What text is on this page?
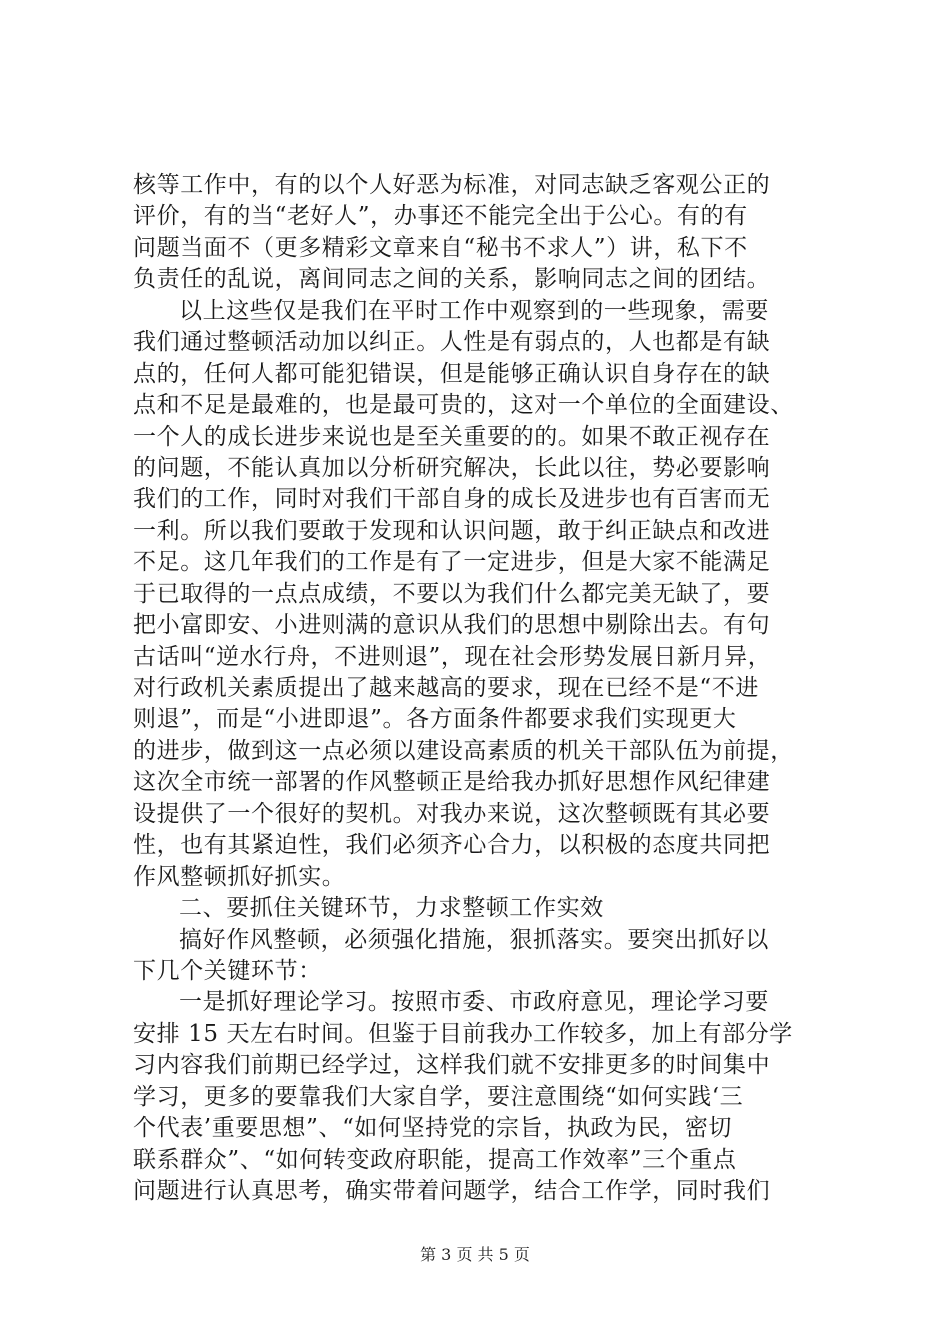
核等工作中，有的以个人好恶为标准，对同志缺乏客观公正的
评价，有的当“老好人”，办事还不能完全出于公心。有的有
问题当面不（更多精彩文章来自“秘书不求人”）讲，私下不
负责任的乱说，离间同志之间的关系，影响同志之间的团结。
以上这些仅是我们在平时工作中观察到的一些现象，需要
我们通过整顿活动加以纠正。人性是有弱点的，人也都是有缺
点的，任何人都可能犯错误，但是能够正确认识自身存在的缺
点和不足是最难的，也是最可贵的，这对一个单位的全面建设、
一个人的成长进步来说也是至关重要的的。如果不敢正视存在
的问题，不能认真加以分析研究解决，长此以往，势必要影响
我们的工作，同时对我们干部自身的成长及进步也有百害而无
一利。所以我们要敢于发现和认识问题，敢于纠正缺点和改进
不足。这几年我们的工作是有了一定进步，但是大家不能满足
于已取得的一点点成绩，不要以为我们什么都完美无缺了，要
把小富即安、小进则满的意识从我们的思想中剔除出去。有句
古话叫“逆水行舟，不进则退”，现在社会形势发展日新月异，
对行政机关素质提出了越来越高的要求，现在已经不是“不进
则退”，而是“小进即退”。各方面条件都要求我们实现更大
的进步，做到这一点必须以建设高素质的机关干部队伍为前提，
这次全市统一部署的作风整顿正是给我办抓好思想作风纪律建
设提供了一个很好的契机。对我办来说，这次整顿既有其必要
性，也有其紧迫性，我们必须齐心合力，以积极的态度共同把
作风整顿抓好抓实。
二、要抓住关键环节，力求整顿工作实效
搞好作风整顿，必须强化措施，狠抓落实。要突出抓好以
下几个关键环节：
一是抓好理论学习。按照市委、市政府意见，理论学习要
安排 15 天左右时间。但鉴于目前我办工作较多，加上有部分学
习内容我们前期已经学过，这样我们就不安排更多的时间集中
学习，更多的要靠我们大家自学，要注意围绕“如何实践‘三
个代表’重要思想”、“如何坚持党的宗旨，执政为民，密切
联系群众”、“如何转变政府职能，提高工作效率”三个重点
问题进行认真思考，确实带着问题学，结合工作学，同时我们
第 3 页 共 5 页
